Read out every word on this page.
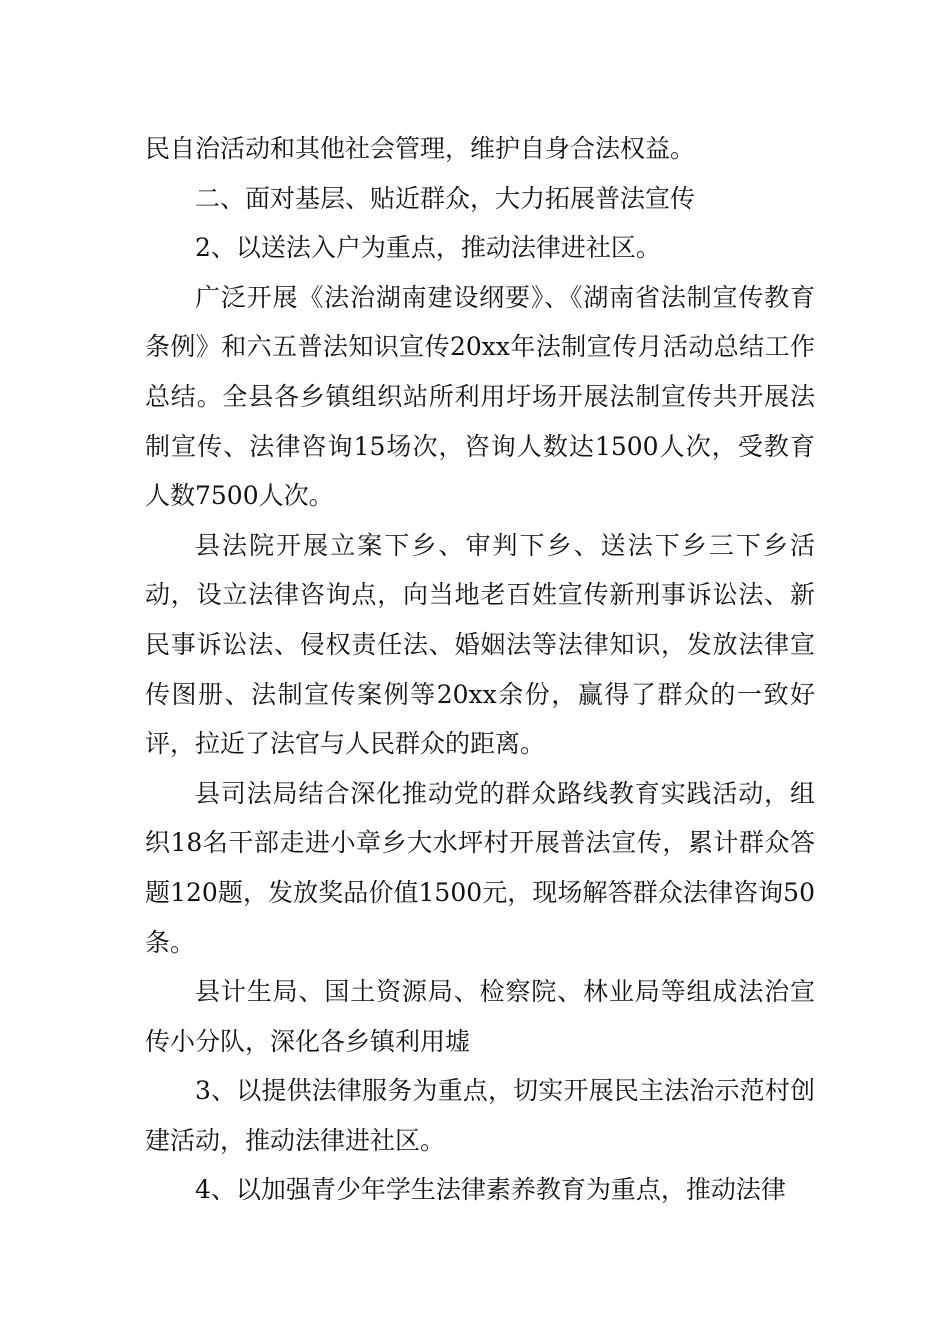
民自治活动和其他社会管理，维护自身合法权益。

二、面对基层、贴近群众，大力拓展普法宣传

2、以送法入户为重点，推动法律进社区。

广泛开展《法治湖南建设纲要》、《湖南省法制宣传教育条例》和六五普法知识宣传20xx年法制宣传月活动总结工作总结。全县各乡镇组织站所利用圩场开展法制宣传共开展法制宣传、法律咨询15场次，咨询人数达1500人次，受教育人数7500人次。

县法院开展立案下乡、审判下乡、送法下乡三下乡活动，设立法律咨询点，向当地老百姓宣传新刑事诉讼法、新民事诉讼法、侵权责任法、婚姻法等法律知识，发放法律宣传图册、法制宣传案例等20xx余份，赢得了群众的一致好评，拉近了法官与人民群众的距离。

县司法局结合深化推动党的群众路线教育实践活动，组织18名干部走进小章乡大水坪村开展普法宣传，累计群众答题120题，发放奖品价值1500元，现场解答群众法律咨询50条。

县计生局、国土资源局、检察院、林业局等组成法治宣传小分队，深化各乡镇利用墟

3、以提供法律服务为重点，切实开展民主法治示范村创建活动，推动法律进社区。

4、以加强青少年学生法律素养教育为重点，推动法律
